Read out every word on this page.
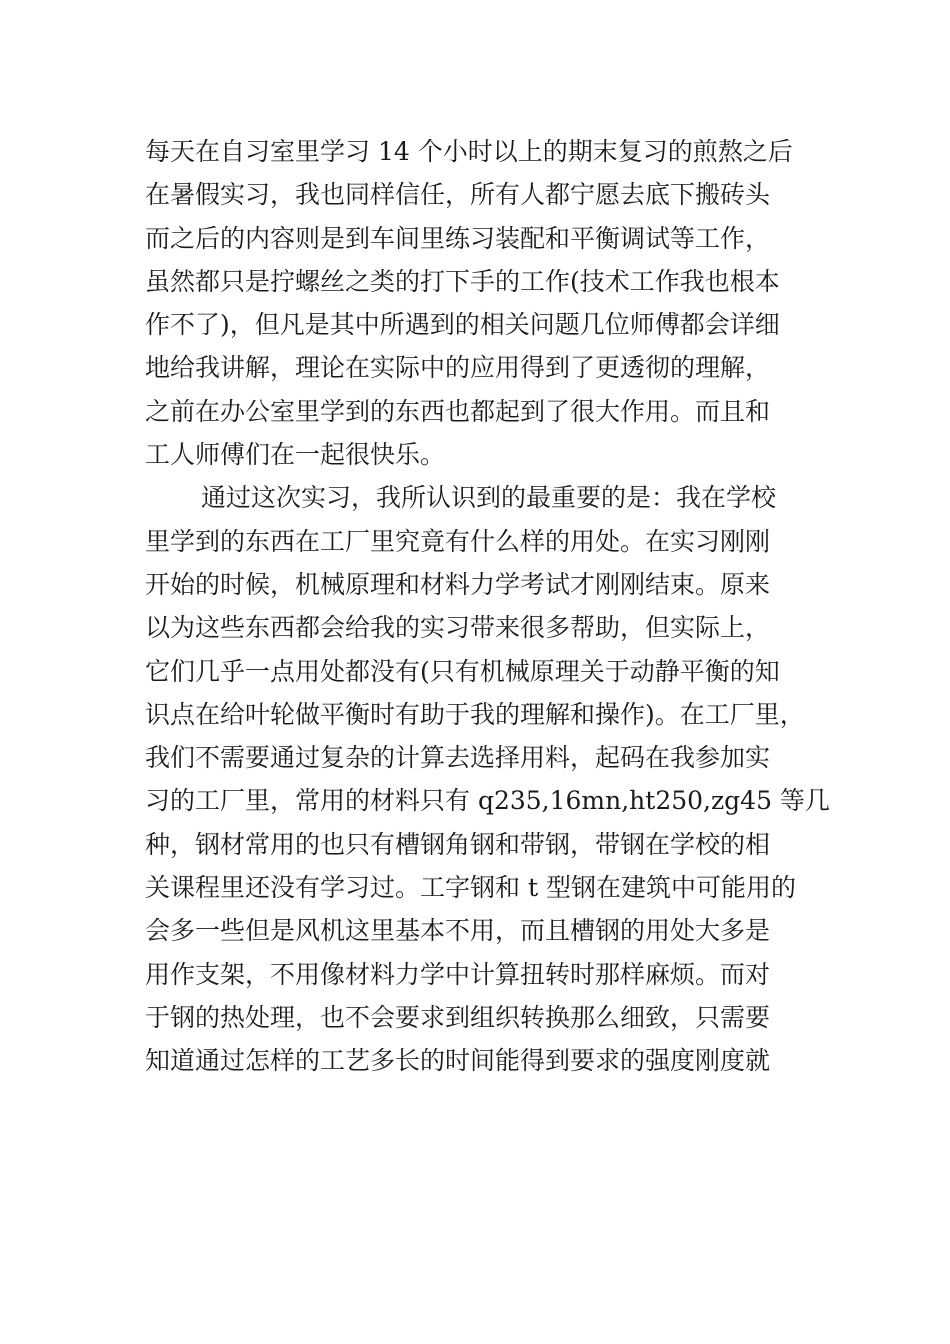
每天在自习室里学习 14 个小时以上的期末复习的煎熬之后
在暑假实习，我也同样信任，所有人都宁愿去底下搬砖头
而之后的内容则是到车间里练习装配和平衡调试等工作，
虽然都只是拧螺丝之类的打下手的工作(技术工作我也根本
作不了)，但凡是其中所遇到的相关问题几位师傅都会详细
地给我讲解，理论在实际中的应用得到了更透彻的理解，
之前在办公室里学到的东西也都起到了很大作用。而且和
工人师傅们在一起很快乐。
通过这次实习，我所认识到的最重要的是：我在学校
里学到的东西在工厂里究竟有什么样的用处。在实习刚刚
开始的时候，机械原理和材料力学考试才刚刚结束。原来
以为这些东西都会给我的实习带来很多帮助，但实际上，
它们几乎一点用处都没有(只有机械原理关于动静平衡的知
识点在给叶轮做平衡时有助于我的理解和操作)。在工厂里，
我们不需要通过复杂的计算去选择用料，起码在我参加实
习的工厂里，常用的材料只有 q235,16mn,ht250,zg45 等几
种，钢材常用的也只有槽钢角钢和带钢，带钢在学校的相
关课程里还没有学习过。工字钢和 t 型钢在建筑中可能用的
会多一些但是风机这里基本不用，而且槽钢的用处大多是
用作支架，不用像材料力学中计算扭转时那样麻烦。而对
于钢的热处理，也不会要求到组织转换那么细致，只需要
知道通过怎样的工艺多长的时间能得到要求的强度刚度就
